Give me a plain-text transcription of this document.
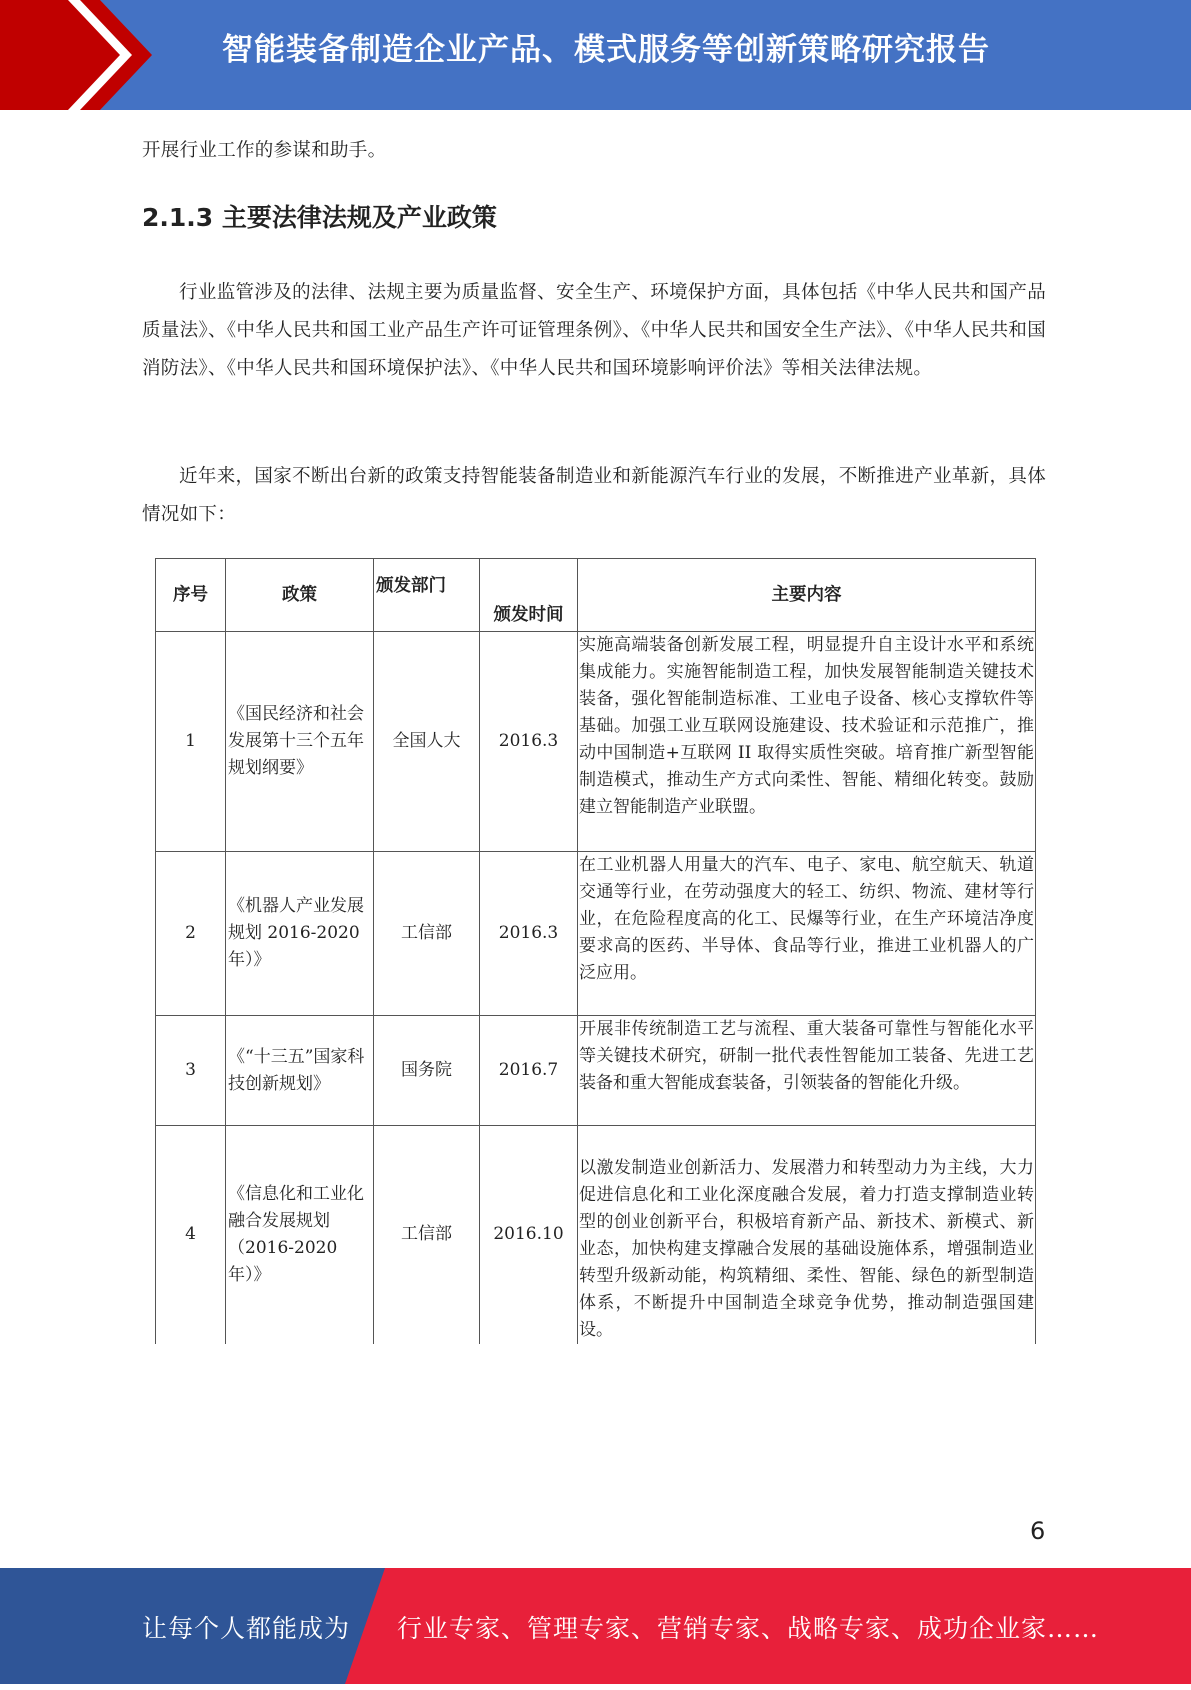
智能装备制造企业产品、模式服务等创新策略研究报告
开展行业工作的参谋和助手。
2.1.3 主要法律法规及产业政策
行业监管涉及的法律、法规主要为质量监督、安全生产、环境保护方面，具体包括《中华人民共和国产品质量法》、《中华人民共和国工业产品生产许可证管理条例》、《中华人民共和国安全生产法》、《中华人民共和国消防法》、《中华人民共和国环境保护法》、《中华人民共和国环境影响评价法》等相关法律法规。
近年来，国家不断出台新的政策支持智能装备制造业和新能源汽车行业的发展，不断推进产业革新，具体情况如下：
序号	政策	颁发部门	颁发时间	主要内容
1	《国民经济和社会发展第十三个五年规划纲要》	全国人大	2016.3	实施高端装备创新发展工程，明显提升自主设计水平和系统集成能力。实施智能制造工程，加快发展智能制造关键技术装备，强化智能制造标准、工业电子设备、核心支撑软件等基础。加强工业互联网设施建设、技术验证和示范推广，推动中国制造+互联网 II 取得实质性突破。培育推广新型智能制造模式，推动生产方式向柔性、智能、精细化转变。鼓励建立智能制造产业联盟。
2	《机器人产业发展规划 2016-2020 年）》	工信部	2016.3	在工业机器人用量大的汽车、电子、家电、航空航天、轨道交通等行业，在劳动强度大的轻工、纺织、物流、建材等行业，在危险程度高的化工、民爆等行业，在生产环境洁净度要求高的医药、半导体、食品等行业，推进工业机器人的广泛应用。
3	《“十三五”国家科技创新规划》	国务院	2016.7	开展非传统制造工艺与流程、重大装备可靠性与智能化水平等关键技术研究，研制一批代表性智能加工装备、先进工艺装备和重大智能成套装备，引领装备的智能化升级。
4	《信息化和工业化融合发展规划（2016-2020 年）》	工信部	2016.10	以激发制造业创新活力、发展潜力和转型动力为主线，大力促进信息化和工业化深度融合发展，着力打造支撑制造业转型的创业创新平台，积极培育新产品、新技术、新模式、新业态，加快构建支撑融合发展的基础设施体系，增强制造业转型升级新动能，构筑精细、柔性、智能、绿色的新型制造体系，不断提升中国制造全球竞争优势，推动制造强国建设。
6
让每个人都能成为 行业专家、管理专家、营销专家、战略专家、成功企业家……
